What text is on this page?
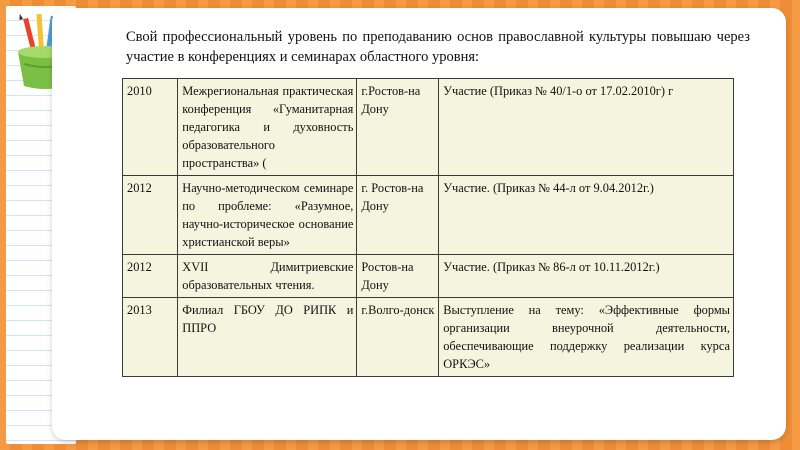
Свой профессиональный уровень по преподаванию основ православной культуры повышаю через участие в конференциях и семинарах областного уровня:
2010	Межрегиональная практическая конференция «Гуманитарная педагогика и духовность образовательного пространства» (	г.Ростов-на Дону	Участие (Приказ № 40/1-о от 17.02.2010г) г
2012	Научно-методическом семинаре по проблеме: «Разумное, научно-историческое основание христианской веры»	г. Ростов-на Дону	Участие. (Приказ № 44-л от 9.04.2012г.)
2012	XVII Димитриевские образовательных чтения.	Ростов-на Дону	Участие. (Приказ № 86-л от 10.11.2012г.)
2013	Филиал ГБОУ ДО РИПК и ППРО	г.Волго-донск	Выступление на тему: «Эффективные формы организации внеурочной деятельности, обеспечивающие поддержку реализации курса ОРКЭС»
